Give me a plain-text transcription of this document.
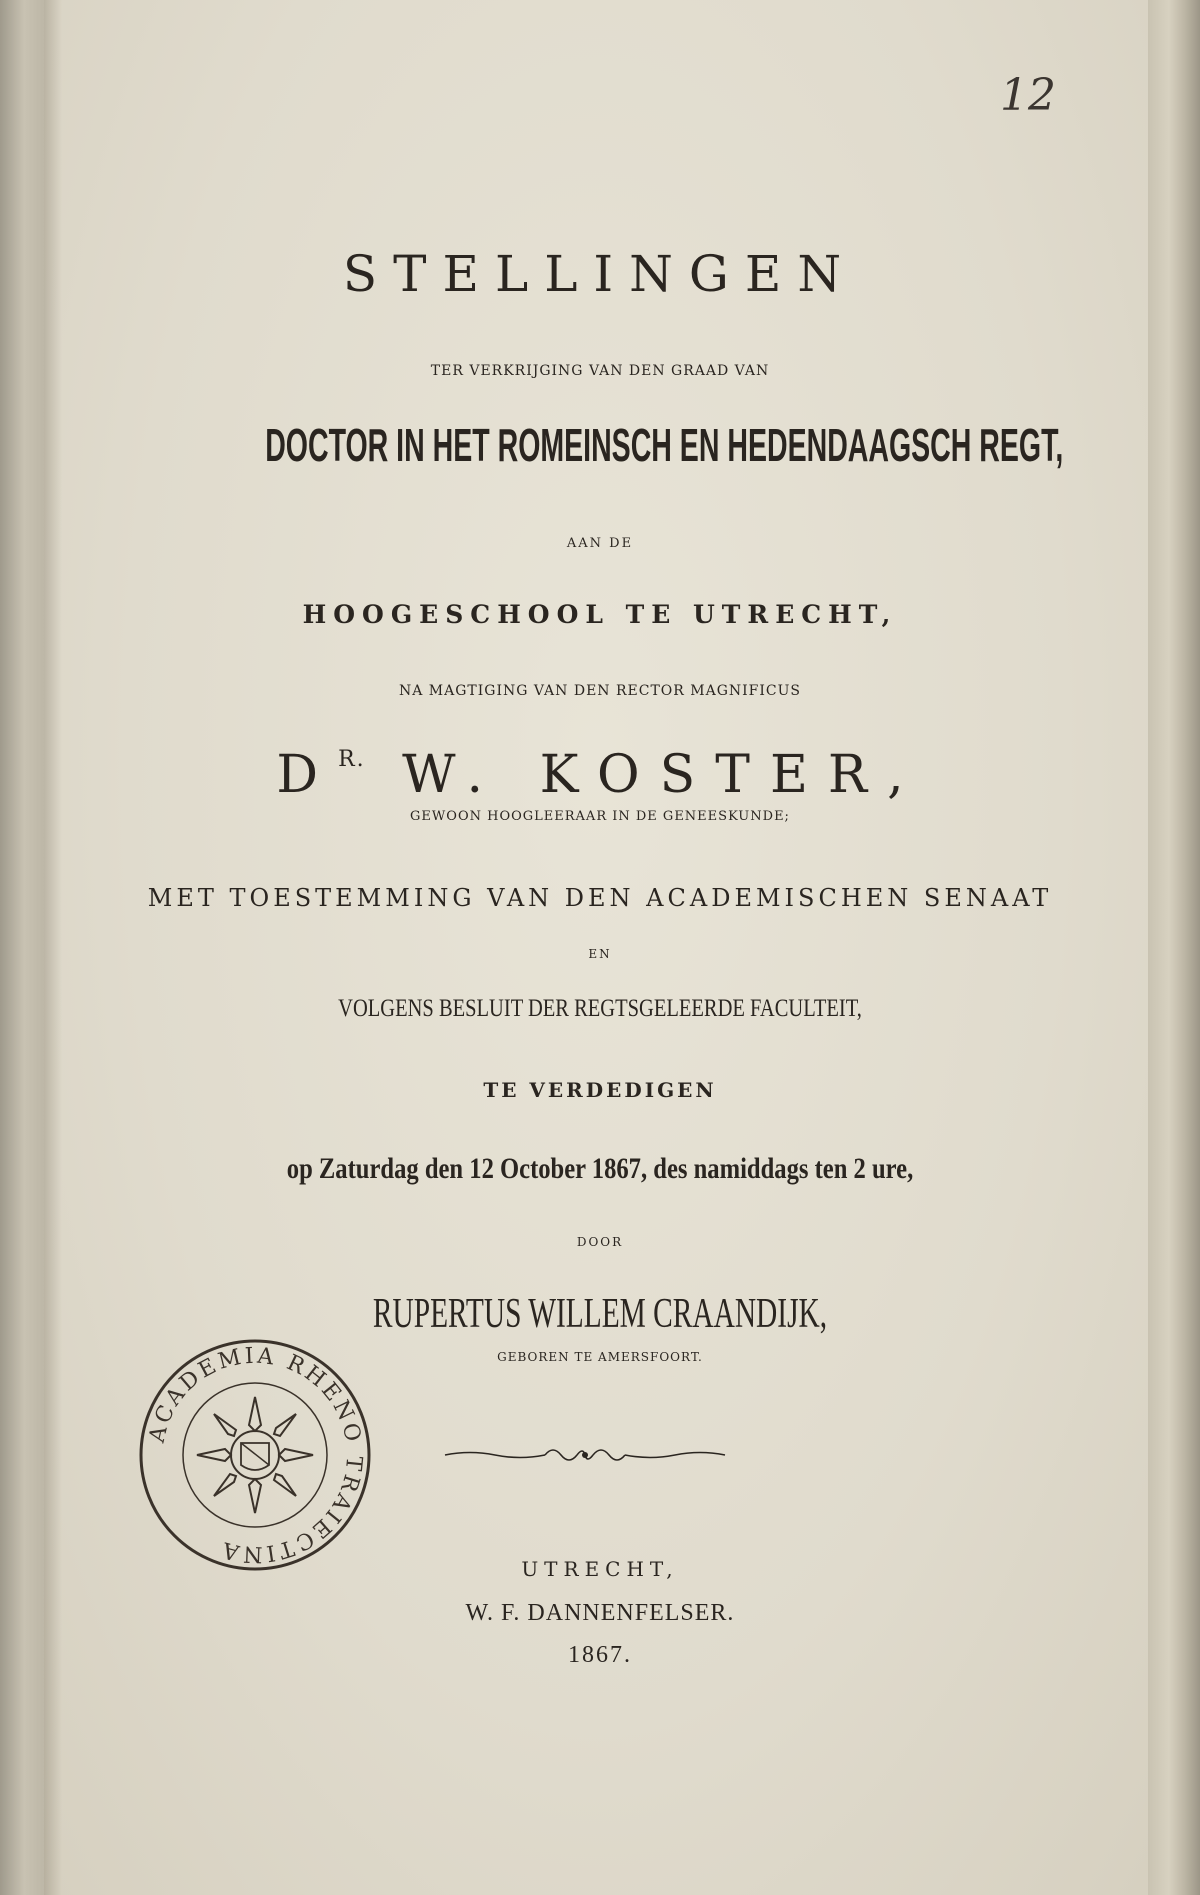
12
STELLINGEN
TER VERKRIJGING VAN DEN GRAAD VAN
DOCTOR IN HET ROMEINSCH EN HEDENDAAGSCH REGT,
AAN DE
HOOGESCHOOL TE UTRECHT,
NA MAGTIGING VAN DEN RECTOR MAGNIFICUS
$D^{R.}$ W. KOSTER,
GEWOON HOOGLEERAAR IN DE GENEESKUNDE;
MET TOESTEMMING VAN DEN ACADEMISCHEN SENAAT
EN
VOLGENS BESLUIT DER REGTSGELEERDE FACULTEIT,
TE VERDEDIGEN
op Zaturdag den 12 October 1867, des namiddags ten 2 ure,
DOOR
RUPERTUS WILLEM CRAANDIJK,
GEBOREN TE AMERSFOORT.
ACADEMIA RHENO TRAIECTINA
UTRECHT,
W. F. DANNENFELSER.
1867.
